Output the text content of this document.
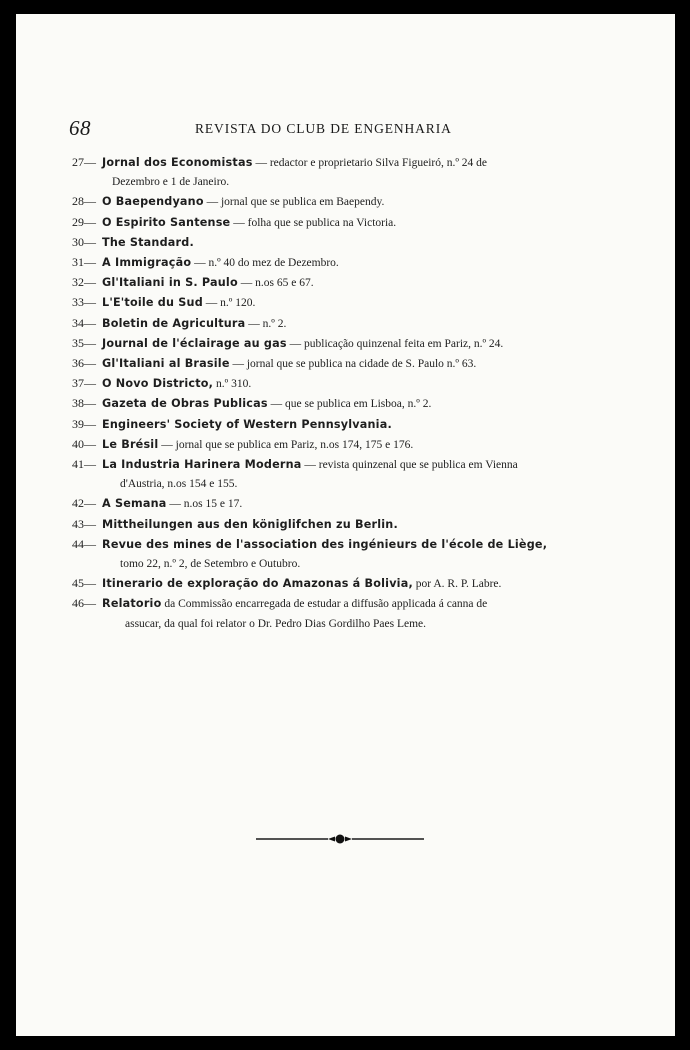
68	REVISTA DO CLUB DE ENGENHARIA
27— Jornal dos Economistas — redactor e proprietario Silva Figueiró, n.º 24 de
Dezembro e 1 de Janeiro.
28— O Baependyano — jornal que se publica em Baependy.
29— O Espirito Santense — folha que se publica na Victoria.
30— The Standard.
31— A Immigração — n.º 40 do mez de Dezembro.
32— Gl'Italiani in S. Paulo — n.os 65 e 67.
33— L'E'toile du Sud — n.º 120.
34— Boletin de Agricultura — n.º 2.
35— Journal de l'éclairage au gas — publicação quinzenal feita em Pariz, n.º 24.
36— Gl'Italiani al Brasile — jornal que se publica na cidade de S. Paulo n.º 63.
37— O Novo Districto, n.º 310.
38— Gazeta de Obras Publicas — que se publica em Lisboa, n.º 2.
39— Engineers' Society of Western Pennsylvania.
40— Le Brésil — jornal que se publica em Pariz, n.os 174, 175 e 176.
41— La Industria Harinera Moderna — revista quinzenal que se publica em Vienna
d'Austria, n.os 154 e 155.
42— A Semana — n.os 15 e 17.
43— Mittheilungen aus den königlifchen zu Berlin.
44— Revue des mines de l'association des ingénieurs de l'école de Liège,
tomo 22, n.º 2, de Setembro e Outubro.
45— Itinerario de exploração do Amazonas á Bolivia, por A. R. P. Labre.
46— Relatorio da Commissão encarregada de estudar a diffusão applicada á canna de
assucar, da qual foi relator o Dr. Pedro Dias Gordilho Paes Leme.
